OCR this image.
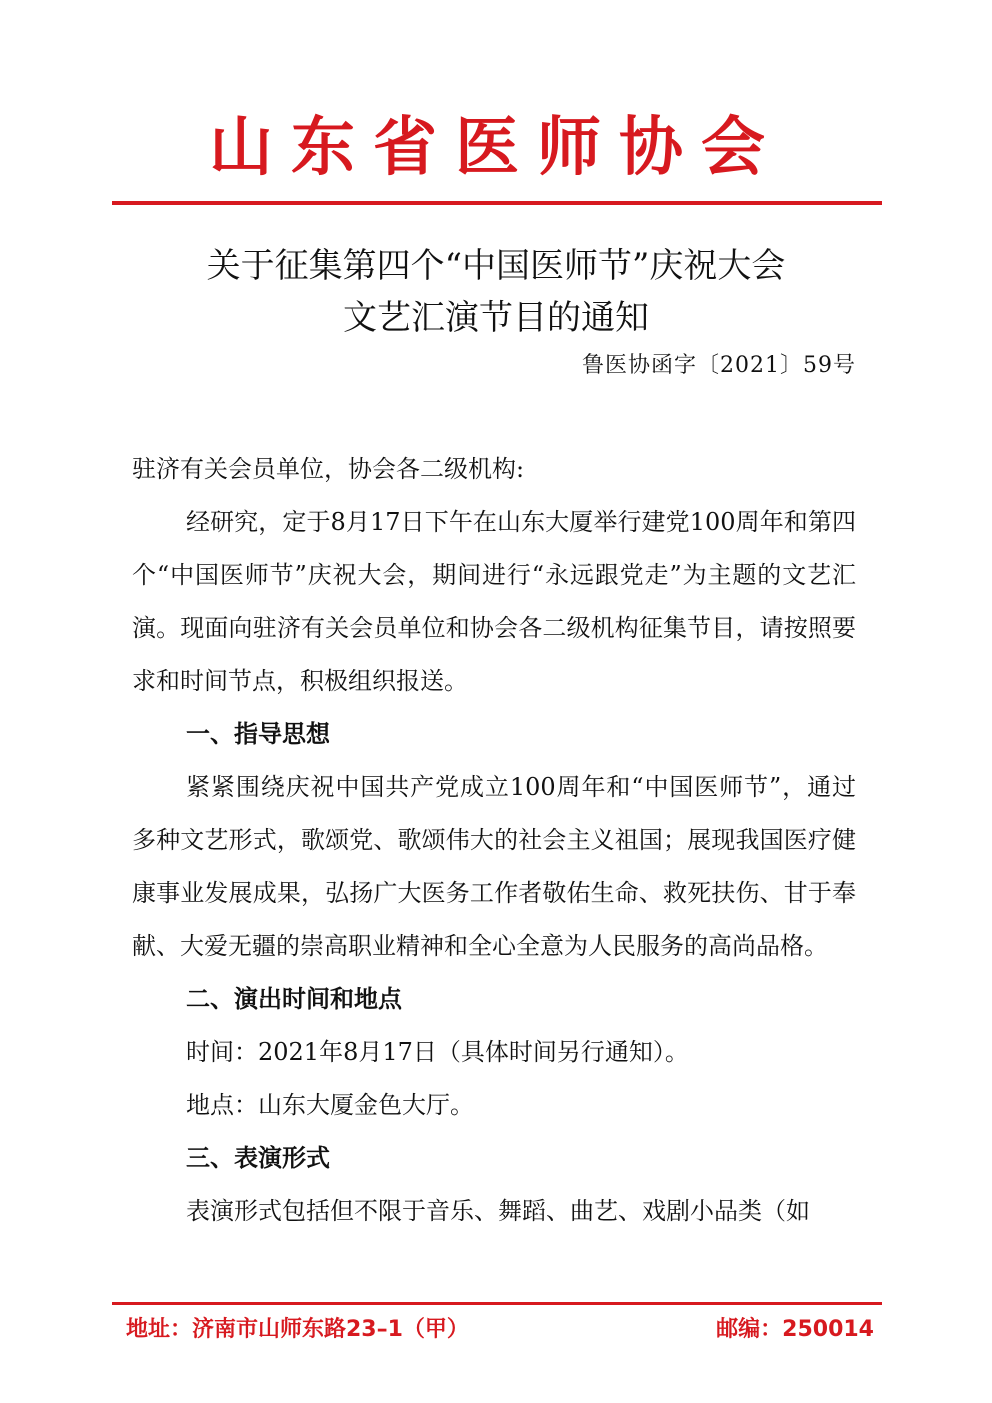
山东省医师协会
关于征集第四个“中国医师节”庆祝大会
文艺汇演节目的通知
鲁医协函字〔2021〕59号

驻济有关会员单位，协会各二级机构:

经研究，定于8月17日下午在山东大厦举行建党100周年和第四个“中国医师节”庆祝大会，期间进行“永远跟党走”为主题的文艺汇演。现面向驻济有关会员单位和协会各二级机构征集节目，请按照要求和时间节点，积极组织报送。

一、指导思想

紧紧围绕庆祝中国共产党成立100周年和“中国医师节”，通过多种文艺形式，歌颂党、歌颂伟大的社会主义祖国；展现我国医疗健康事业发展成果，弘扬广大医务工作者敬佑生命、救死扶伤、甘于奉献、大爱无疆的崇高职业精神和全心全意为人民服务的高尚品格。

二、演出时间和地点

时间：2021年8月17日（具体时间另行通知）。

地点：山东大厦金色大厅。

三、表演形式

表演形式包括但不限于音乐、舞蹈、曲艺、戏剧小品类（如

地址：济南市山师东路23–1（甲）	邮编：250014
